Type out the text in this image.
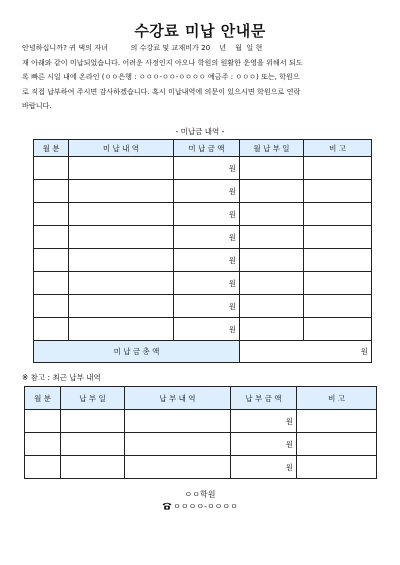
수강료 미납 안내문
안녕하십니까? 귀 댁의 자녀          의 수강료 및 교재비가 20    년    월  일 현
재 아래와 같이 미납되었습니다. 어려운 사정인지 아오나 학원의 원활한 운영을 위해서 되도
록 빠른 시일 내에 온라인 (ㅇㅇ은행 : ㅇㅇㅇ-ㅇㅇ-ㅇㅇㅇㅇ 예금주 : ㅇㅇㅇ) 또는, 학원으
로 직접 납부하여 주시면 감사하겠습니다. 혹시 미납내역에 의문이 있으시면 학원으로 연락
바랍니다.
- 미납금 내역 -
월 분	미 납 내 역	미 납 금 액	월 납 부 일	비 고
		원		
		원		
		원		
		원		
		원		
		원		
		원		
		원		
미 납 금 총 액			원	
※ 참고 : 최근 납부 내역
월 분	납 부 일	납 부 내 역	납 부 금 액	비 고
			원	
			원	
			원	
ㅇㅇ학원
ㅇㅇㅇㅇ-ㅇㅇㅇㅇ
